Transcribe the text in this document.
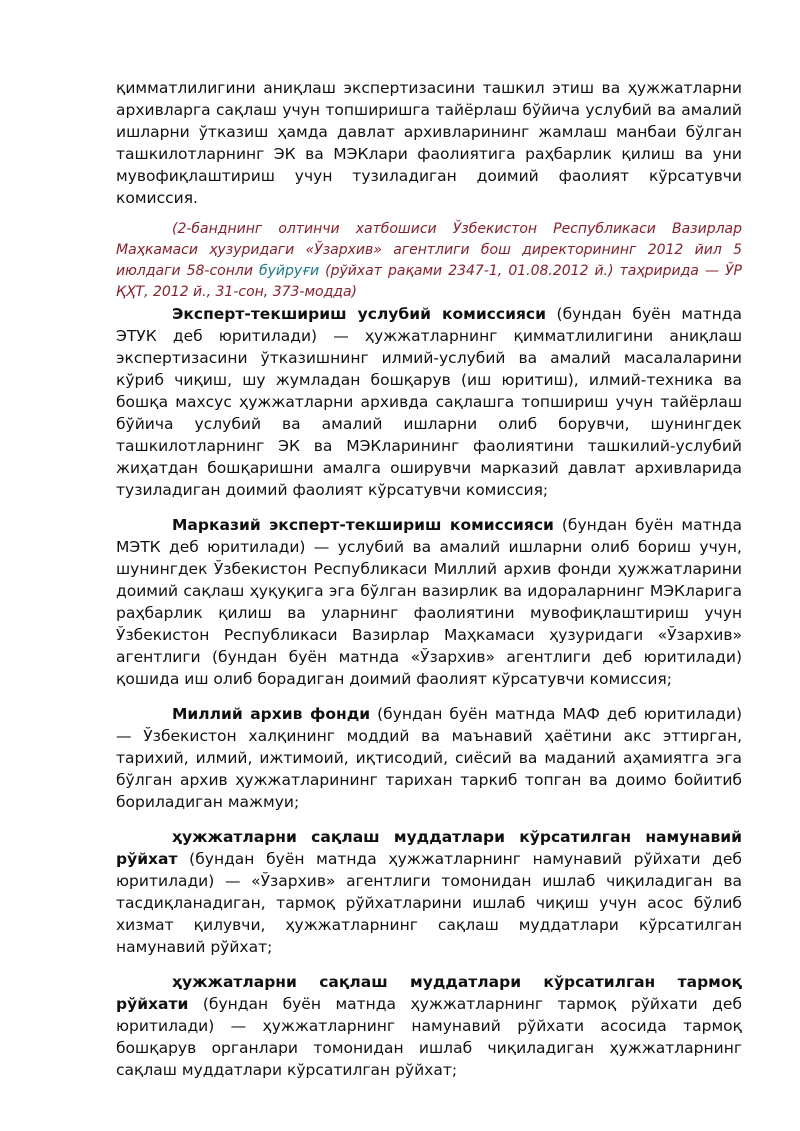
қимматлилигини аниқлаш экспертизасини ташкил этиш ва ҳужжатларни архивларга сақлаш учун топширишга тайёрлаш бўйича услубий ва амалий ишларни ўтказиш ҳамда давлат архивларининг жамлаш манбаи бўлган ташкилотларнинг ЭК ва МЭКлари фаолиятига раҳбарлик қилиш ва уни мувофиқлаштириш учун тузиладиган доимий фаолият кўрсатувчи комиссия.

(2-банднинг олтинчи хатбошиси Ўзбекистон Республикаси Вазирлар Маҳкамаси ҳузуридаги «Ўзархив» агентлиги бош директорининг 2012 йил 5 июлдаги 58-сонли буйруғи (рўйхат рақами 2347-1, 01.08.2012 й.) таҳририда — ЎР ҚҲТ, 2012 й., 31-сон, 373-модда)

Эксперт-текшириш услубий комиссияси (бундан буён матнда ЭТУК деб юритилади) — ҳужжатларнинг қимматлилигини аниқлаш экспертизасини ўтказишнинг илмий-услубий ва амалий масалаларини кўриб чиқиш, шу жумладан бошқарув (иш юритиш), илмий-техника ва бошқа махсус ҳужжатларни архивда сақлашга топшириш учун тайёрлаш бўйича услубий ва амалий ишларни олиб борувчи, шунингдек ташкилотларнинг ЭК ва МЭКларининг фаолиятини ташкилий-услубий жиҳатдан бошқаришни амалга оширувчи марказий давлат архивларида тузиладиган доимий фаолият кўрсатувчи комиссия;

Марказий эксперт-текшириш комиссияси (бундан буён матнда МЭТК деб юритилади) — услубий ва амалий ишларни олиб бориш учун, шунингдек Ўзбекистон Республикаси Миллий архив фонди ҳужжатларини доимий сақлаш ҳуқуқига эга бўлган вазирлик ва идораларнинг МЭКларига раҳбарлик қилиш ва уларнинг фаолиятини мувофиқлаштириш учун Ўзбекистон Республикаси Вазирлар Маҳкамаси ҳузуридаги «Ўзархив» агентлиги (бундан буён матнда «Ўзархив» агентлиги деб юритилади) қошида иш олиб борадиган доимий фаолият кўрсатувчи комиссия;

Миллий архив фонди (бундан буён матнда МАФ деб юритилади) — Ўзбекистон халқининг моддий ва маънавий ҳаётини акс эттирган, тарихий, илмий, ижтимоий, иқтисодий, сиёсий ва маданий аҳамиятга эга бўлган архив ҳужжатларининг тарихан таркиб топган ва доимо бойитиб бориладиган мажмуи;

ҳужжатларни сақлаш муддатлари кўрсатилган намунавий рўйхат (бундан буён матнда ҳужжатларнинг намунавий рўйхати деб юритилади) — «Ўзархив» агентлиги томонидан ишлаб чиқиладиган ва тасдиқланадиган, тармоқ рўйхатларини ишлаб чиқиш учун асос бўлиб хизмат қилувчи, ҳужжатларнинг сақлаш муддатлари кўрсатилган намунавий рўйхат;

ҳужжатларни сақлаш муддатлари кўрсатилган тармоқ рўйхати (бундан буён матнда ҳужжатларнинг тармоқ рўйхати деб юритилади) — ҳужжатларнинг намунавий рўйхати асосида тармоқ бошқарув органлари томонидан ишлаб чиқиладиган ҳужжатларнинг сақлаш муддатлари кўрсатилган рўйхат;
